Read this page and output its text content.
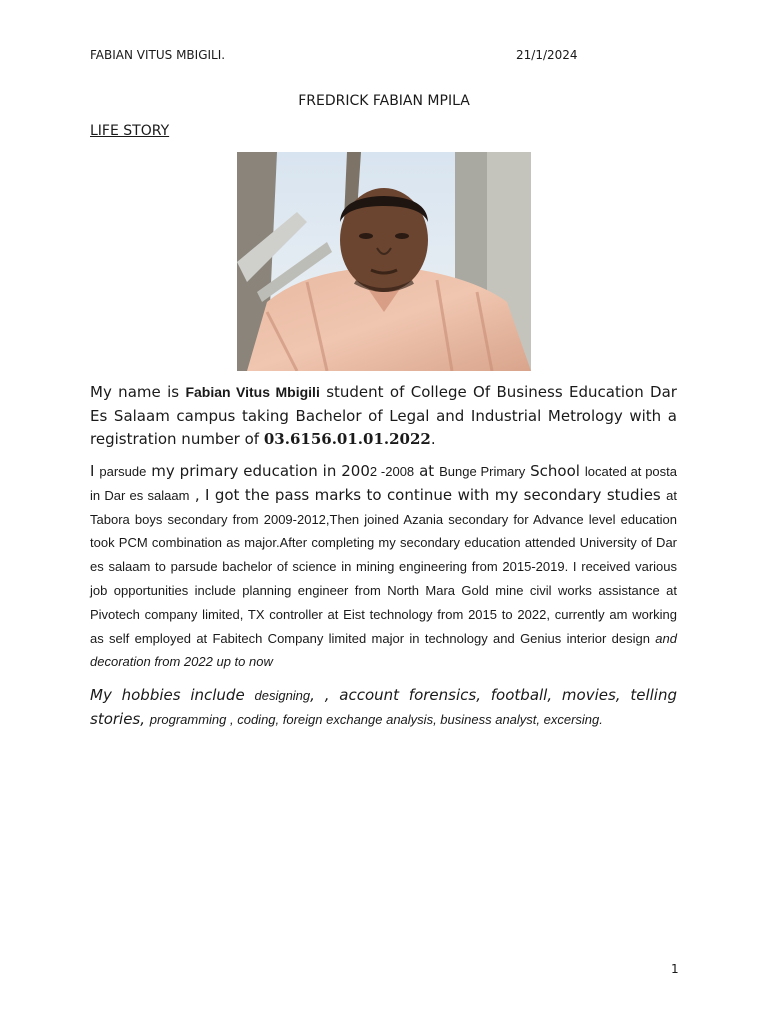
FABIAN VITUS MBIGILI.	21/1/2024
FREDRICK FABIAN MPILA
LIFE STORY
My name is Fabian Vitus Mbigili student of College Of Business Education Dar Es Salaam campus taking Bachelor of Legal and Industrial Metrology with a registration number of 03.6156.01.01.2022.
I parsude my primary education in 2002 -2008 at Bunge Primary School located at posta in Dar es salaam , I got the pass marks to continue with my secondary studies at Tabora boys secondary from 2009-2012,Then joined Azania secondary for Advance level education took PCM combination as major.After completing my secondary education attended University of Dar es salaam to parsude bachelor of science in mining engineering from 2015-2019. I received various job opportunities include planning engineer from North Mara Gold mine civil works assistance at Pivotech company limited, TX controller at Eist technology from 2015 to 2022, currently am working as self employed at Fabitech Company limited major in technology and Genius interior design and decoration from 2022 up to now
My hobbies include designing, , account forensics, football, movies, telling stories, programming , coding, foreign exchange analysis, business analyst, excersing.
1
